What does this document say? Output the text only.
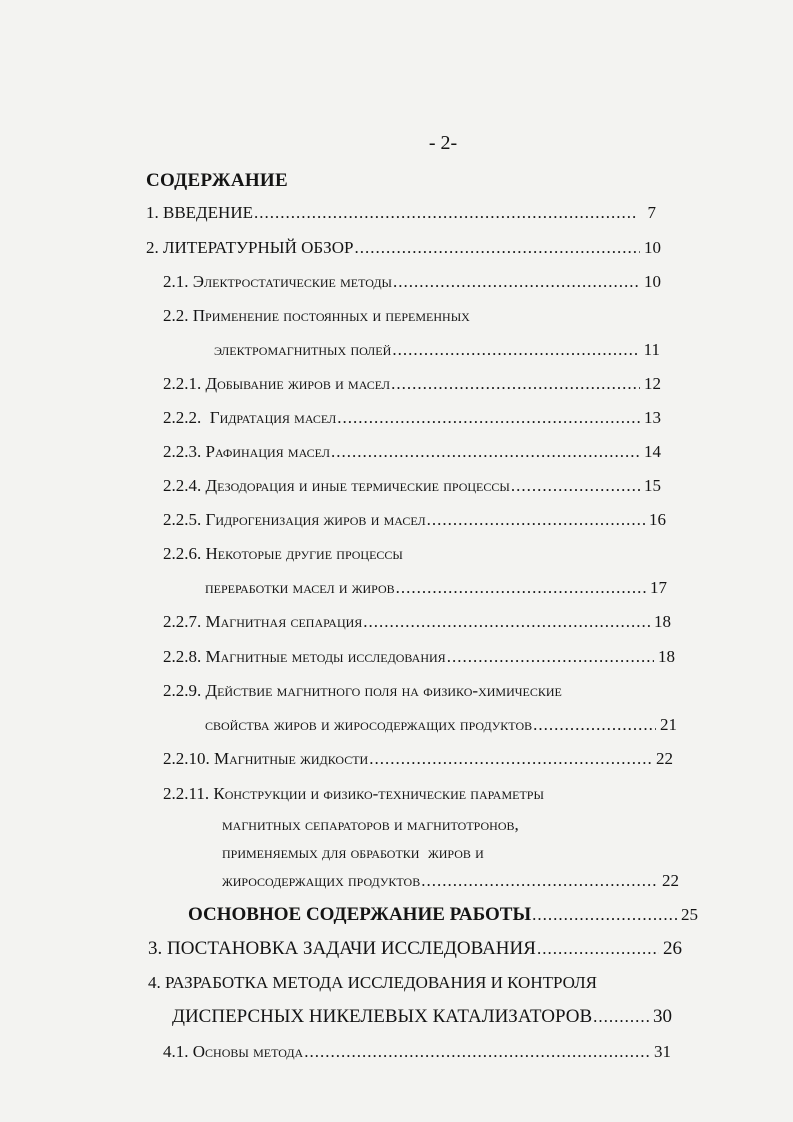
- 2-
СОДЕРЖАНИЕ
1. ВВЕДЕНИЕ .....	7
2. ЛИТЕРАТУРНЫЙ ОБЗОР .....	10
2.1. Электростатические методы .....	10
2.2. Применение постоянных и переменных
электромагнитных полей .....	11
2.2.1. Добывание жиров и масел .....	12
2.2.2.  Гидратация масел .....	13
2.2.3. Рафинация масел .....	14
2.2.4. Дезодорация и иные термические процессы .....	15
2.2.5. Гидрогенизация жиров и масел .....	16
2.2.6. Некоторые другие процессы
переработки масел и жиров .....	17
2.2.7. Магнитная сепарация .....	18
2.2.8. Магнитные методы исследования .....	18
2.2.9. Действие магнитного поля на физико-химические
свойства жиров и жиросодержащих продуктов .....	21
2.2.10. Магнитные жидкости .....	22
2.2.11. Конструкции и физико-технические параметры
магнитных сепараторов и магнитотронов,
применяемых для обработки  жиров и
жиросодержащих продуктов .....	22
ОСНОВНОЕ СОДЕРЖАНИЕ РАБОТЫ .....	25
3. ПОСТАНОВКА ЗАДАЧИ ИССЛЕДОВАНИЯ .....	26
4. РАЗРАБОТКА МЕТОДА ИССЛЕДОВАНИЯ И КОНТРОЛЯ
ДИСПЕРСНЫХ НИКЕЛЕВЫХ КАТАЛИЗАТОРОВ .....	30
4.1. Основы метода .....	31
